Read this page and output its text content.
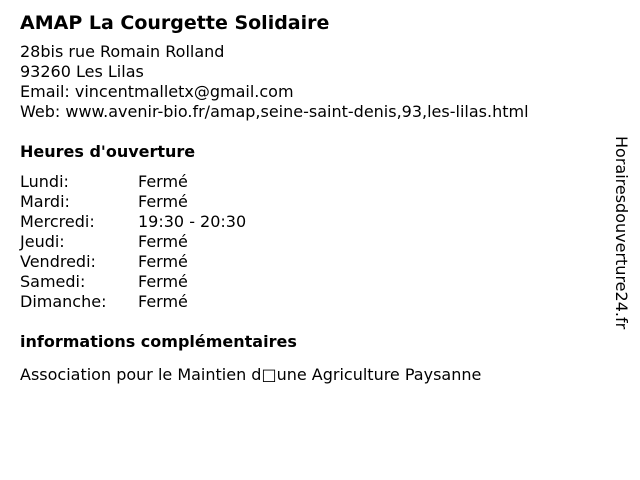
AMAP La Courgette Solidaire
28bis rue Romain Rolland
93260 Les Lilas
Email: vincentmalletx@gmail.com
Web: www.avenir-bio.fr/amap,seine-saint-denis,93,les-lilas.html
Heures d'ouverture
Lundi:	Fermé
Mardi:	Fermé
Mercredi:	19:30 - 20:30
Jeudi:	Fermé
Vendredi:	Fermé
Samedi:	Fermé
Dimanche:	Fermé
informations complémentaires
Association pour le Maintien d□une Agriculture Paysanne
Horairesdouverture24.fr
